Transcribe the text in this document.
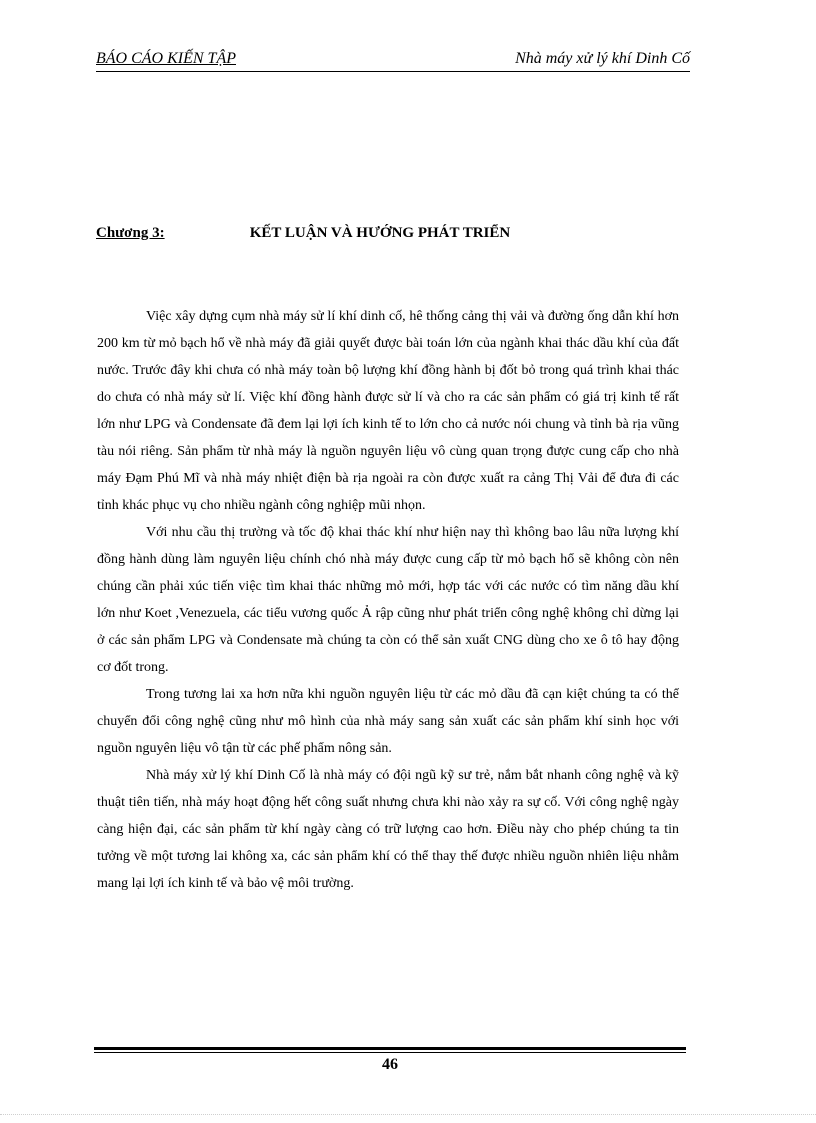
BÁO CÁO KIẾN TẬP	Nhà máy xử lý khí Dinh Cố
Chương 3:	KẾT LUẬN VÀ HƯỚNG PHÁT TRIỂN

Việc xây dựng cụm nhà máy sử lí khí dinh cố, hê thống cảng thị vải và đường ống dẫn khí hơn 200 km từ mỏ bạch hổ về nhà máy đã giải quyết được bài toán lớn của ngành khai thác dầu khí của đất nước. Trước đây khi chưa có nhà máy toàn bộ lượng khí đồng hành bị đốt bỏ trong quá trình khai thác do chưa có nhà máy sử lí. Việc khí đồng hành được sử lí và cho ra các sản phẩm có giá trị kinh tế rất lớn như LPG và Condensate đã đem lại lợi ích kinh tế to lớn cho cả nước nói chung và tỉnh bà rịa vũng tàu nói riêng. Sản phẩm từ nhà máy là nguồn nguyên liệu vô cùng quan trọng được cung cấp cho nhà máy Đạm Phú Mĩ và nhà máy nhiệt điện bà rịa ngoài ra còn được xuất ra cảng Thị Vải để đưa đi các tỉnh khác phục vụ cho nhiều ngành công nghiệp mũi nhọn.

Với nhu cầu thị trường và tốc độ khai thác khí như hiện nay thì không bao lâu nữa lượng khí đồng hành dùng làm nguyên liệu chính chó nhà máy được cung cấp từ mỏ bạch hổ sẽ không còn nên chúng cần phải xúc tiến việc tìm khai thác những mỏ mới, hợp tác với các nước có tìm năng dầu khí lớn như Koet ,Venezuela, các tiểu vương quốc Ả rập cũng như phát triển công nghệ không chỉ dừng lại ở các sản phẩm LPG và Condensate mà chúng ta còn có thể sản xuất CNG dùng cho xe ô tô hay động cơ đốt trong.

Trong tương lai xa hơn nữa khi nguồn nguyên liệu từ các mỏ dầu đã cạn kiệt chúng ta có thể chuyển đổi công nghệ cũng như mô hình của nhà máy sang sản xuất các sản phẩm khí sinh học với nguồn nguyên liệu vô tận từ các phế phẩm nông sản.

Nhà máy xử lý khí Dinh Cố là nhà máy có đội ngũ kỹ sư trẻ, nắm bắt nhanh công nghệ và kỹ thuật tiên tiến, nhà máy hoạt động hết công suất nhưng chưa khi nào xảy ra sự cố. Với công nghệ ngày càng hiện đại, các sản phẩm từ khí ngày càng có trữ lượng cao hơn. Điều này cho phép chúng ta tin tưởng về một tương lai không xa, các sản phẩm khí có thể thay thế được nhiều nguồn nhiên liệu nhằm mang lại lợi ích kinh tế và bảo vệ môi trường.

46
